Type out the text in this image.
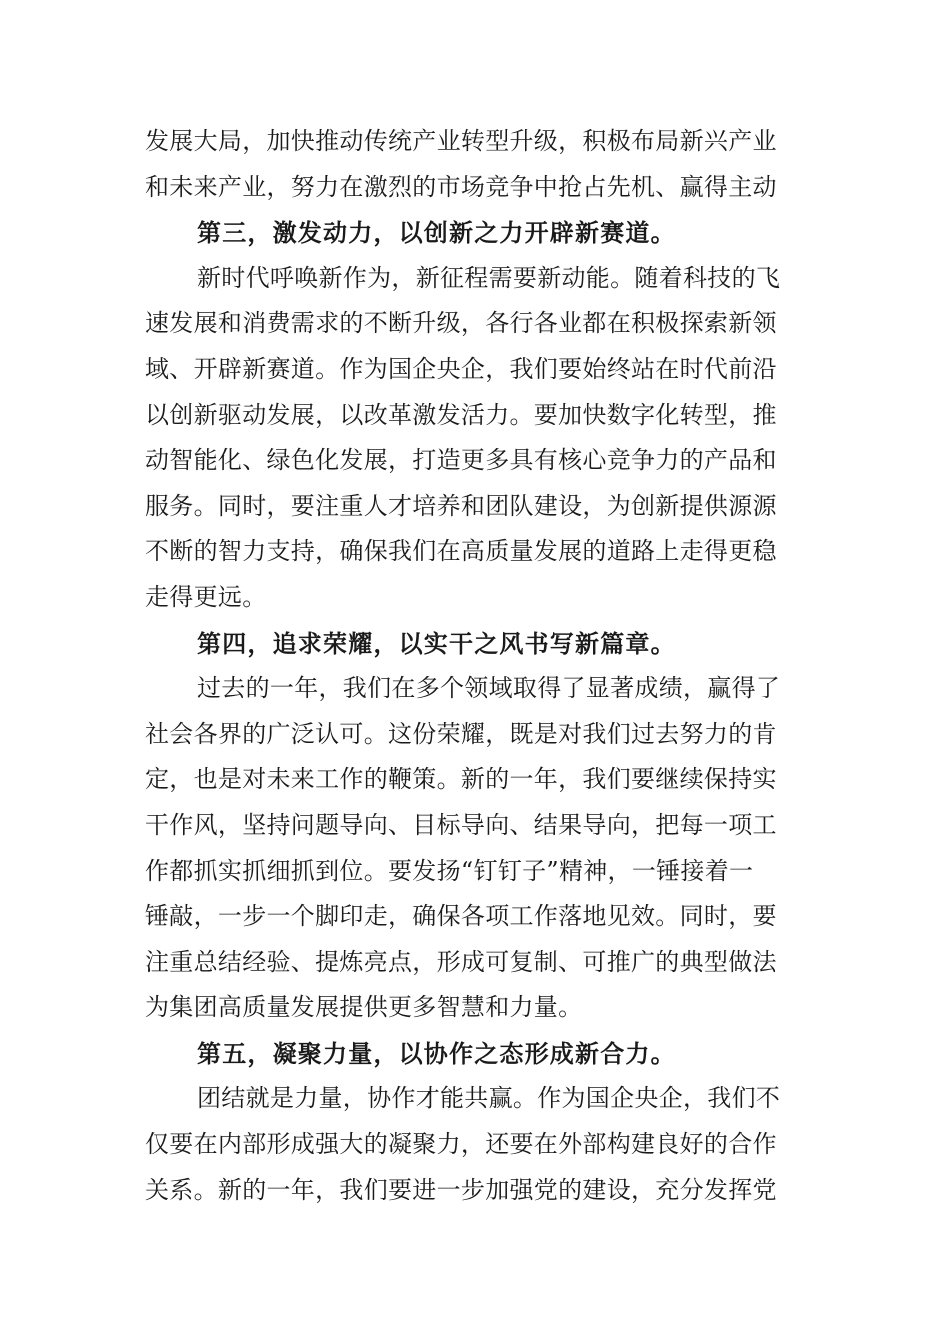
发展大局，加快推动传统产业转型升级，积极布局新兴产业
和未来产业，努力在激烈的市场竞争中抢占先机、赢得主动
第三，激发动力，以创新之力开辟新赛道。
新时代呼唤新作为，新征程需要新动能。随着科技的飞
速发展和消费需求的不断升级，各行各业都在积极探索新领
域、开辟新赛道。作为国企央企，我们要始终站在时代前沿
以创新驱动发展，以改革激发活力。要加快数字化转型，推
动智能化、绿色化发展，打造更多具有核心竞争力的产品和
服务。同时，要注重人才培养和团队建设，为创新提供源源
不断的智力支持，确保我们在高质量发展的道路上走得更稳
走得更远。
第四，追求荣耀，以实干之风书写新篇章。
过去的一年，我们在多个领域取得了显著成绩，赢得了
社会各界的广泛认可。这份荣耀，既是对我们过去努力的肯
定，也是对未来工作的鞭策。新的一年，我们要继续保持实
干作风，坚持问题导向、目标导向、结果导向，把每一项工
作都抓实抓细抓到位。要发扬“钉钉子”精神，一锤接着一
锤敲，一步一个脚印走，确保各项工作落地见效。同时，要
注重总结经验、提炼亮点，形成可复制、可推广的典型做法
为集团高质量发展提供更多智慧和力量。
第五，凝聚力量，以协作之态形成新合力。
团结就是力量，协作才能共赢。作为国企央企，我们不
仅要在内部形成强大的凝聚力，还要在外部构建良好的合作
关系。新的一年，我们要进一步加强党的建设，充分发挥党
